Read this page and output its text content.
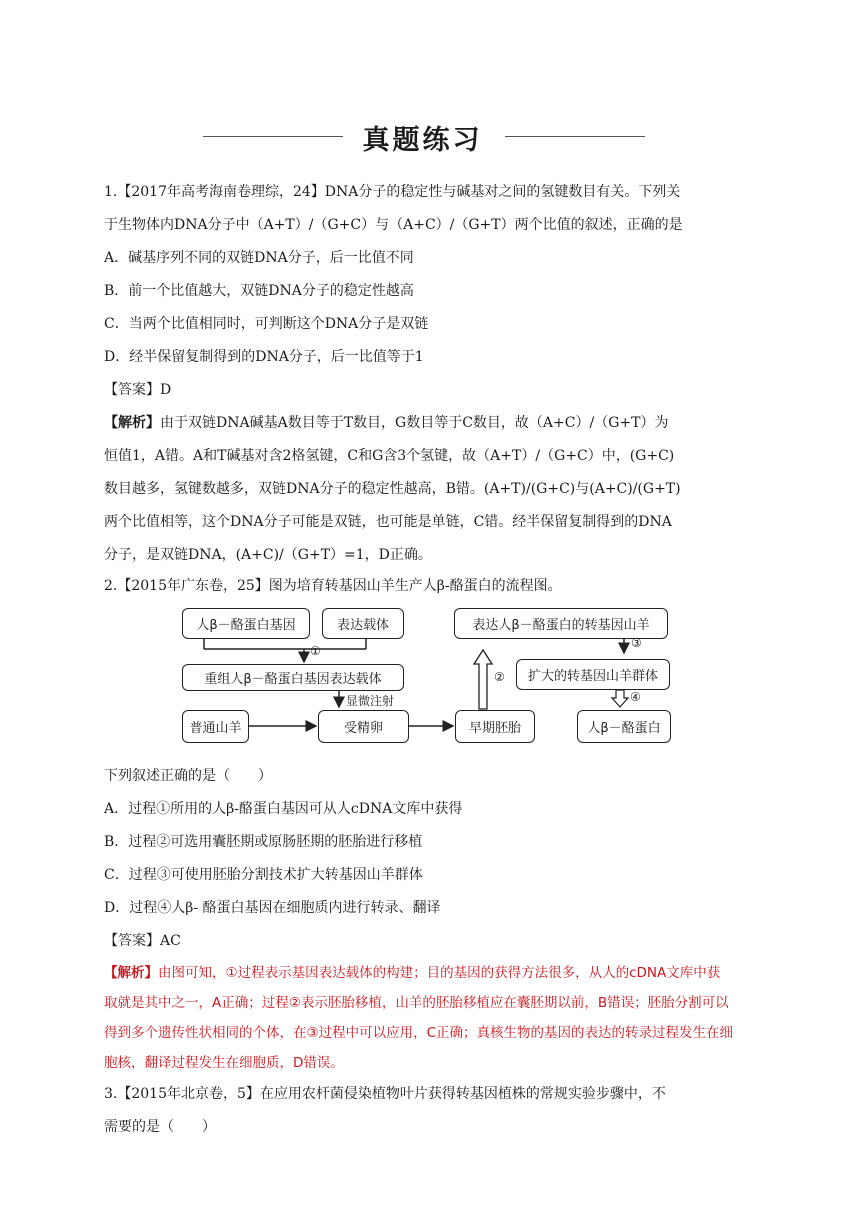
真题练习

1.【2017年高考海南卷理综，24】DNA分子的稳定性与碱基对之间的氢键数目有关。下列关

于生物体内DNA分子中（A+T）/（G+C）与（A+C）/（G+T）两个比值的叙述，正确的是

A．碱基序列不同的双链DNA分子，后一比值不同

B．前一个比值越大，双链DNA分子的稳定性越高

C．当两个比值相同时，可判断这个DNA分子是双链

D．经半保留复制得到的DNA分子，后一比值等于1

【答案】D

【解析】由于双链DNA碱基A数目等于T数目，G数目等于C数目，故（A+C）/（G+T）为

恒值1，A错。A和T碱基对含2格氢键，C和G含3个氢键，故（A+T）/（G+C）中，(G+C)

数目越多，氢键数越多，双链DNA分子的稳定性越高，B错。(A+T)/(G+C)与(A+C)/(G+T)

两个比值相等，这个DNA分子可能是双链，也可能是单链，C错。经半保留复制得到的DNA

分子，是双链DNA，(A+C)/（G+T）=1，D正确。

2.【2015年广东卷，25】图为培育转基因山羊生产人β-酪蛋白的流程图。

人β－酪蛋白基因	表达载体
①
重组人β－酪蛋白基因表达载体
显微注射
普通山羊	受精卵	早期胚胎
②
表达人β－酪蛋白的转基因山羊
③
扩大的转基因山羊群体
④
人β－酪蛋白

下列叙述正确的是（　　）

A．过程①所用的人β-酪蛋白基因可从人cDNA文库中获得

B．过程②可选用囊胚期或原肠胚期的胚胎进行移植

C．过程③可使用胚胎分割技术扩大转基因山羊群体

D．过程④人β- 酪蛋白基因在细胞质内进行转录、翻译

【答案】AC

【解析】由图可知，①过程表示基因表达载体的构建；目的基因的获得方法很多，从人的cDNA文库中获
取就是其中之一，A正确；过程②表示胚胎移植，山羊的胚胎移植应在囊胚期以前，B错误；胚胎分割可以
得到多个遗传性状相同的个体，在③过程中可以应用，C正确；真核生物的基因的表达的转录过程发生在细
胞核，翻译过程发生在细胞质，D错误。

3.【2015年北京卷，5】在应用农杆菌侵染植物叶片获得转基因植株的常规实验步骤中，不

需要的是（　　）
